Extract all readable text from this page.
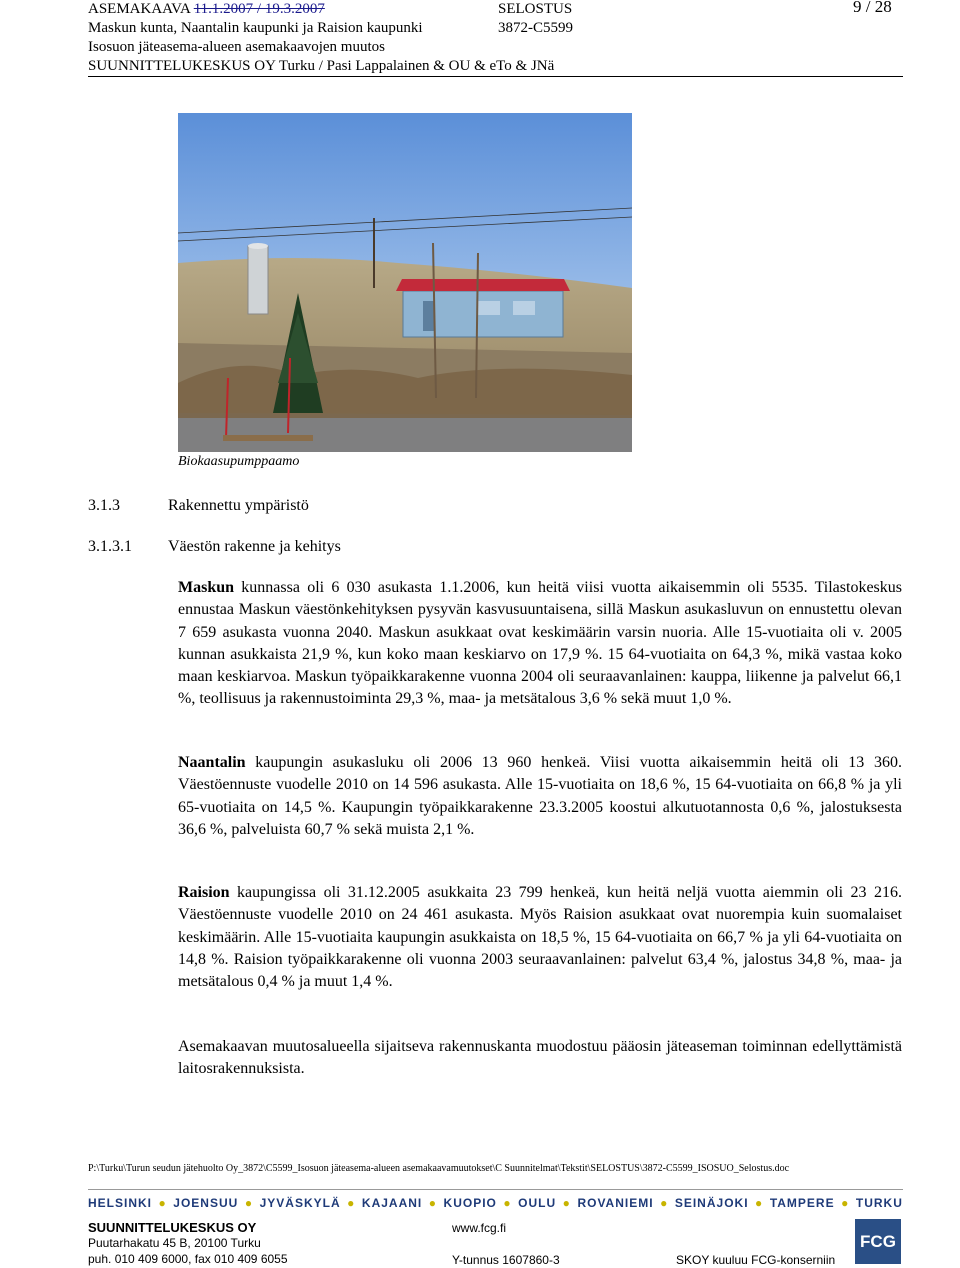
ASEMAKAAVA 11.1.2007 / 19.3.2007	SELOSTUS	9 / 28
Maskun kunta, Naantalin kaupunki ja Raision kaupunki	3872-C5599
Isosuon jäteasema-alueen asemakaavojen muutos
SUUNNITTELUKESKUS OY Turku / Pasi Lappalainen & OU & eTo & JNä
Biokaasupumppaamo
3.1.3	Rakennettu ympäristö
3.1.3.1 Väestön rakenne ja kehitys
Maskun kunnassa oli 6 030 asukasta 1.1.2006, kun heitä viisi vuotta aikaisemmin oli 5535. Tilastokeskus ennustaa Maskun väestönkehityksen pysyvän kasvusuuntaisena, sillä Maskun asukasluvun on ennustettu olevan 7 659 asukasta vuonna 2040. Maskun asukkaat ovat keskimäärin varsin nuoria. Alle 15-vuotiaita oli v. 2005 kunnan asukkaista 21,9 %, kun koko maan keskiarvo on 17,9 %. 15 64-vuotiaita on 64,3 %, mikä vastaa koko maan keskiarvoa. Maskun työpaikkarakenne vuonna 2004 oli seuraavanlainen: kauppa, liikenne ja palvelut 66,1 %, teollisuus ja rakennustoiminta 29,3 %, maa- ja metsätalous 3,6 % sekä muut 1,0 %.
Naantalin kaupungin asukasluku oli 2006 13 960 henkeä. Viisi vuotta aikaisemmin heitä oli 13 360. Väestöennuste vuodelle 2010 on 14 596 asukasta. Alle 15-vuotiaita on 18,6 %, 15 64-vuotiaita on 66,8 % ja yli 65-vuotiaita on 14,5 %. Kaupungin työpaikkarakenne 23.3.2005 koostui alkutuotannosta 0,6 %, jalostuksesta 36,6 %, palveluista 60,7 % sekä muista 2,1 %.
Raision kaupungissa oli 31.12.2005 asukkaita 23 799 henkeä, kun heitä neljä vuotta aiemmin oli 23 216. Väestöennuste vuodelle 2010 on 24 461 asukasta. Myös Raision asukkaat ovat nuorempia kuin suomalaiset keskimäärin. Alle 15-vuotiaita kaupungin asukkaista on 18,5 %, 15 64-vuotiaita on 66,7 % ja yli 64-vuotiaita on 14,8 %. Raision työpaikkarakenne oli vuonna 2003 seuraavanlainen: palvelut 63,4 %, jalostus 34,8 %, maa- ja metsätalous 0,4 % ja muut 1,4 %.
Asemakaavan muutosalueella sijaitseva rakennuskanta muodostuu pääosin jäteaseman toiminnan edellyttämistä laitosrakennuksista.
P:\Turku\Turun seudun jätehuolto Oy_3872\C5599_Isosuon jäteasema-alueen asemakaavamuutokset\C Suunnitelmat\Tekstit\SELOSTUS\3872-C5599_ISOSUO_Selostus.doc
HELSINKI ● JOENSUU ● JYVÄSKYLÄ ● KAJAANI ● KUOPIO ● OULU ● ROVANIEMI ● SEINÄJOKI ● TAMPERE ● TURKU
SUUNNITTELUKESKUS OY
Puutarhakatu 45 B, 20100 Turku
puh. 010 409 6000, fax 010 409 6055
www.fcg.fi
Y-tunnus 1607860-3	SKOY kuuluu FCG-konserniin
FCG
